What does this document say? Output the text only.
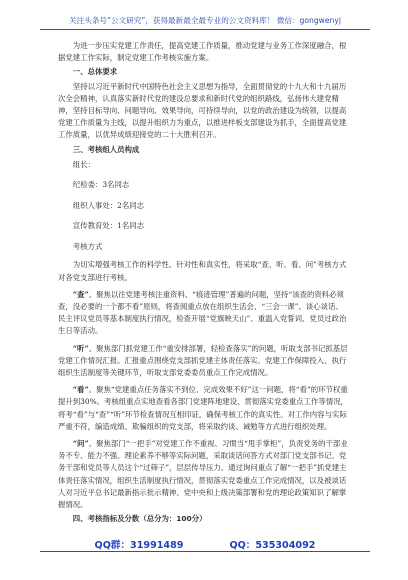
关注头条号“公文研究”，获得最新最全最专业的公文资料库！ 微信：gongwenyj

为进一步压实党建工作责任，提高党建工作质量，推动党建与业务工作深度融合，根据党建工作实际，制定党建工作考核实施方案。

一、总体要求

坚持以习近平新时代中国特色社会主义思想为指导，全面贯彻党的十九大和十九届历次全会精神，认真落实新时代党的建设总要求和新时代党的组织路线，弘扬伟大建党精神，坚持目标导向、问题导向、效果导向，可持续导向，以党的政治建设为统领，以提高党建工作质量为主线，以提升组织力为重点，以推进样板支部建设为抓手，全面提高党建工作质量，以优异成绩迎接党的二十大胜利召开。

三、考核组人员构成

组长：

纪检委：3名同志

组织人事处：2名同志

宣传教育处：1名同志

考核方式

为切实增强考核工作的科学性、针对性和真实性，将采取“查、听、看、问”考核方式对各党支部进行考核。

“查”。聚焦以往党建考核注重资料、“痕迹管理”普遍的问题，坚持“该查的资料必须查，没必要的一个都不看”原则，将查阅重点放在组织生活会、“三会一课”、谈心谈话、民主评议党员等基本制度执行情况，检查开展“党旗映天山”、重温入党誓词、党员过政治生日等活动。

“听”。聚焦部门抓党建工作“重安排部署，轻检查落实”的问题，听取支部书记抓基层党建工作情况汇报。汇报重点围绕党支部抓党建主体责任落实、党建工作保障投入、执行组织生活制度等关键环节，听取支部党委委员重点工作完成情况。

“看”。聚焦“党建重点任务落实不到位、完成效果不好”这一问题，将“看”的环节权重提升到30%。考核组重点实地查看各部门党建阵地建设、贯彻落实党委重点工作等情况，将考“看”与“查”“听”环节检查情况互相印证，确保考核工作的真实性。对工作内容与实际严重不符，编造成绩、欺骗组织的党支部，将采取约谈、诫勉等方式进行组织处理。

“问”。聚焦部门“一把手”对党建工作不重视、习惯当“甩手掌柜”，负责党务的干部业务不专、能力不强、理论素养不够等实际问题，采取谈话问答方式对部门党支部书记、党务干部和党员等人员这个“过筛子”，层层传导压力。通过询问重点了解“一把手”抓党建主体责任落实情况，组织生活制度执行情况，贯彻落实党委重点工作完成情况，以及被谈话人对习近平总书记最新指示批示精神、党中央和上级决策部署和党的理论政策知识了解掌握情况。

四、考核指标及分数（总分为：100分）

QQ群：31991489	QQ：535304092
